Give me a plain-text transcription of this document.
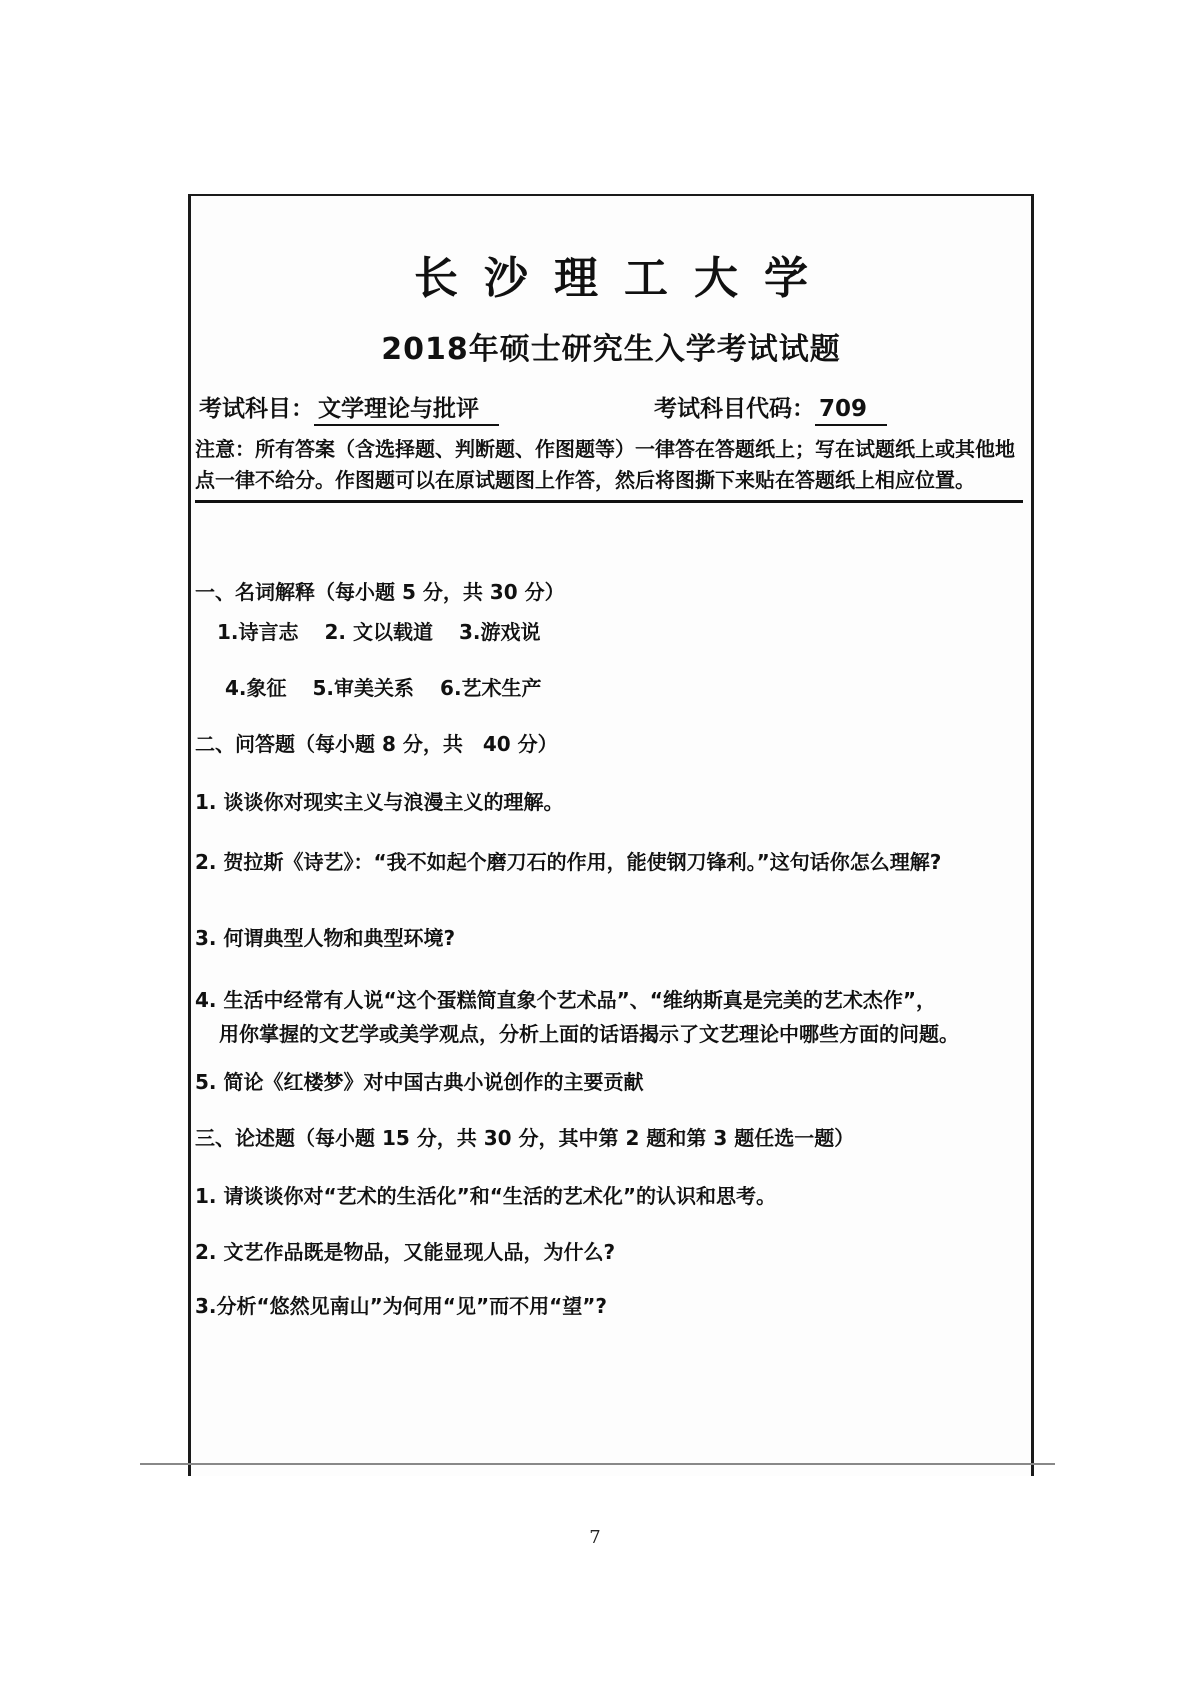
长沙理工大学
2018年硕士研究生入学考试试题
考试科目： 文学理论与批评	考试科目代码： 709
注意：所有答案（含选择题、判断题、作图题等）一律答在答题纸上；写在试题纸上或其他地点一律不给分。作图题可以在原试题图上作答，然后将图撕下来贴在答题纸上相应位置。
一、名词解释（每小题 5 分，共 30 分）
1.诗言志 2. 文以载道 3.游戏说
4.象征 5.审美关系 6.艺术生产
二、问答题（每小题 8 分，共　40 分）
1. 谈谈你对现实主义与浪漫主义的理解。
2. 贺拉斯《诗艺》：“我不如起个磨刀石的作用，能使钢刀锋利。”这句话你怎么理解?
3. 何谓典型人物和典型环境?
4. 生活中经常有人说“这个蛋糕简直象个艺术品”、“维纳斯真是完美的艺术杰作”，
用你掌握的文艺学或美学观点，分析上面的话语揭示了文艺理论中哪些方面的问题。
5. 简论《红楼梦》对中国古典小说创作的主要贡献
三、论述题（每小题 15 分，共 30 分，其中第 2 题和第 3 题任选一题）
1. 请谈谈你对“艺术的生活化”和“生活的艺术化”的认识和思考。
2. 文艺作品既是物品，又能显现人品，为什么?
3.分析“悠然见南山”为何用“见”而不用“望”?
7
